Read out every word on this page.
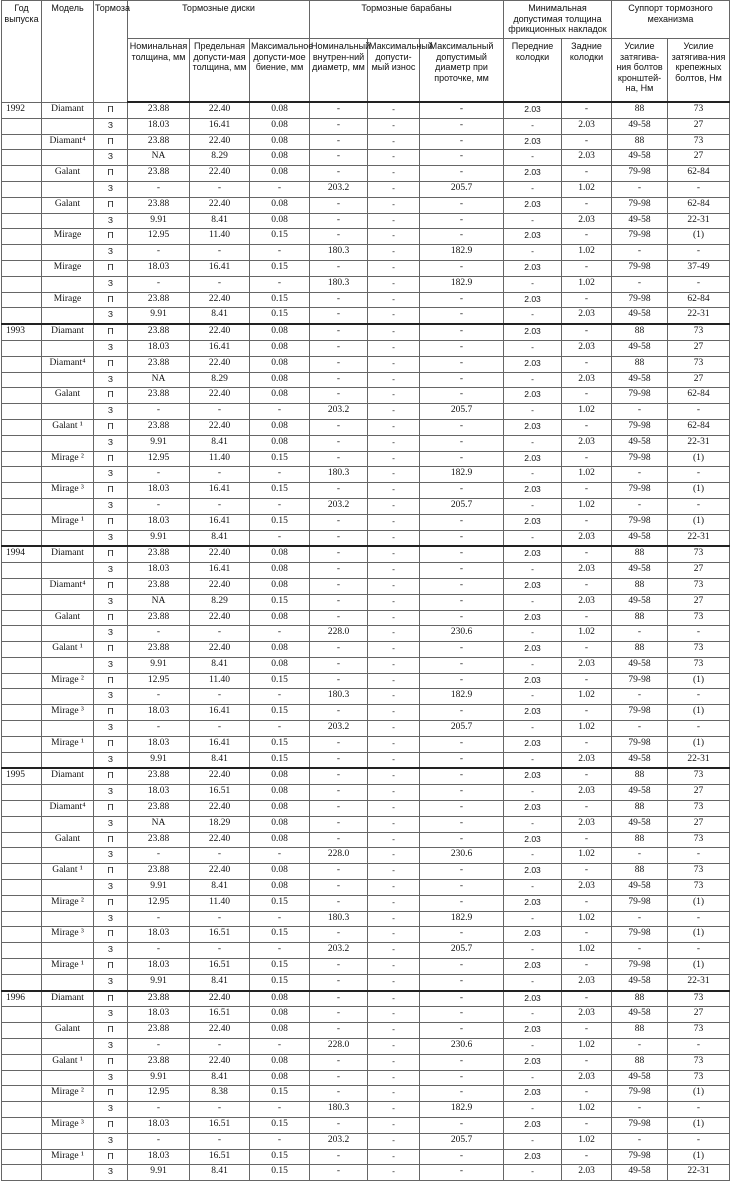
Год выпуска	Модель	Тормоза	Тормозные диски			Тормозные барабаны			Минимальная допустимая толщина фрикционных накладок		Суппорт тормозного механизма	
			Номинальная толщина, мм	Предельная допусти-мая толщина, мм	Максимальное допусти-мое биение, мм	Номинальный внутрен-ний диаметр, мм	Максимальный допусти-мый износ	Максимальный допустимый диаметр при проточке, мм	Передние колодки	Задние колодки	Усилие затягива-ния болтов кронштей-на, Нм	Усилие затягива-ния крепежных болтов, Нм
1992	Diamant	П	23.88	22.40	0.08	-	-	-	2.03	-	88	73
		З	18.03	16.41	0.08	-	-	-	-	2.03	49-58	27
	Diamant⁴	П	23.88	22.40	0.08	-	-	-	2.03	-	88	73
		З	NA	8.29	0.08	-	-	-	-	2.03	49-58	27
	Galant	П	23.88	22.40	0.08	-	-	-	2.03	-	79-98	62-84
		З	-	-	-	203.2	-	205.7	-	1.02	-	-
	Galant	П	23.88	22.40	0.08	-	-	-	2.03	-	79-98	62-84
		З	9.91	8.41	0.08	-	-	-	-	2.03	49-58	22-31
	Mirage	П	12.95	11.40	0.15	-	-	-	2.03	-	79-98	(1)
		З	-	-	-	180.3	-	182.9	-	1.02	-	-
	Mirage	П	18.03	16.41	0.15	-	-	-	2.03	-	79-98	37-49
		З	-	-	-	180.3	-	182.9	-	1.02	-	-
	Mirage	П	23.88	22.40	0.15	-	-	-	2.03	-	79-98	62-84
		З	9.91	8.41	0.15	-	-	-	-	2.03	49-58	22-31
1993	Diamant	П	23.88	22.40	0.08	-	-	-	2.03	-	88	73
		З	18.03	16.41	0.08	-	-	-	-	2.03	49-58	27
	Diamant⁴	П	23.88	22.40	0.08	-	-	-	2.03	-	88	73
		З	NA	8.29	0.08	-	-	-	-	2.03	49-58	27
	Galant	П	23.88	22.40	0.08	-	-	-	2.03	-	79-98	62-84
		З	-	-	-	203.2	-	205.7	-	1.02	-	-
	Galant ¹	П	23.88	22.40	0.08	-	-	-	2.03	-	79-98	62-84
		З	9.91	8.41	0.08	-	-	-	-	2.03	49-58	22-31
	Mirage ²	П	12.95	11.40	0.15	-	-	-	2.03	-	79-98	(1)
		З	-	-	-	180.3	-	182.9	-	1.02	-	-
	Mirage ³	П	18.03	16.41	0.15	-	-	-	2.03	-	79-98	(1)
		З	-	-	-	203.2	-	205.7	-	1.02	-	-
	Mirage ¹	П	18.03	16.41	0.15	-	-	-	2.03	-	79-98	(1)
		З	9.91	8.41	-	-	-	-	-	2.03	49-58	22-31
1994	Diamant	П	23.88	22.40	0.08	-	-	-	2.03	-	88	73
		З	18.03	16.41	0.08	-	-	-	-	2.03	49-58	27
	Diamant⁴	П	23.88	22.40	0.08	-	-	-	2.03	-	88	73
		З	NA	8.29	0.15	-	-	-	-	2.03	49-58	27
	Galant	П	23.88	22.40	0.08	-	-	-	2.03	-	88	73
		З	-	-	-	228.0	-	230.6	-	1.02	-	-
	Galant ¹	П	23.88	22.40	0.08	-	-	-	2.03	-	88	73
		З	9.91	8.41	0.08	-	-	-	-	2.03	49-58	73
	Mirage ²	П	12.95	11.40	0.15	-	-	-	2.03	-	79-98	(1)
		З	-	-	-	180.3	-	182.9	-	1.02	-	-
	Mirage ³	П	18.03	16.41	0.15	-	-	-	2.03	-	79-98	(1)
		З	-	-	-	203.2	-	205.7	-	1.02	-	-
	Mirage ¹	П	18.03	16.41	0.15	-	-	-	2.03	-	79-98	(1)
		З	9.91	8.41	0.15	-	-	-	-	2.03	49-58	22-31
1995	Diamant	П	23.88	22.40	0.08	-	-	-	2.03	-	88	73
		З	18.03	16.51	0.08	-	-	-	-	2.03	49-58	27
	Diamant⁴	П	23.88	22.40	0.08	-	-	-	2.03	-	88	73
		З	NA	18.29	0.08	-	-	-	-	2.03	49-58	27
	Galant	П	23.88	22.40	0.08	-	-	-	2.03	-	88	73
		З	-	-	-	228.0	-	230.6	-	1.02	-	-
	Galant ¹	П	23.88	22.40	0.08	-	-	-	2.03	-	88	73
		З	9.91	8.41	0.08	-	-	-	-	2.03	49-58	73
	Mirage ²	П	12.95	11.40	0.15	-	-	-	2.03	-	79-98	(1)
		З	-	-	-	180.3	-	182.9	-	1.02	-	-
	Mirage ³	П	18.03	16.51	0.15	-	-	-	2.03	-	79-98	(1)
		З	-	-	-	203.2	-	205.7	-	1.02	-	-
	Mirage ¹	П	18.03	16.51	0.15	-	-	-	2.03	-	79-98	(1)
		З	9.91	8.41	0.15	-	-	-	-	2.03	49-58	22-31
1996	Diamant	П	23.88	22.40	0.08	-	-	-	2.03	-	88	73
		З	18.03	16.51	0.08	-	-	-	-	2.03	49-58	27
	Galant	П	23.88	22.40	0.08	-	-	-	2.03	-	88	73
		З	-	-	-	228.0	-	230.6	-	1.02	-	-
	Galant ¹	П	23.88	22.40	0.08	-	-	-	2.03	-	88	73
		З	9.91	8.41	0.08	-	-	-	-	2.03	49-58	73
	Mirage ²	П	12.95	8.38	0.15	-	-	-	2.03	-	79-98	(1)
		З	-	-	-	180.3	-	182.9	-	1.02	-	-
	Mirage ³	П	18.03	16.51	0.15	-	-	-	2.03	-	79-98	(1)
		З	-	-	-	203.2	-	205.7	-	1.02	-	-
	Mirage ¹	П	18.03	16.51	0.15	-	-	-	2.03	-	79-98	(1)
		З	9.91	8.41	0.15	-	-	-	-	2.03	49-58	22-31
